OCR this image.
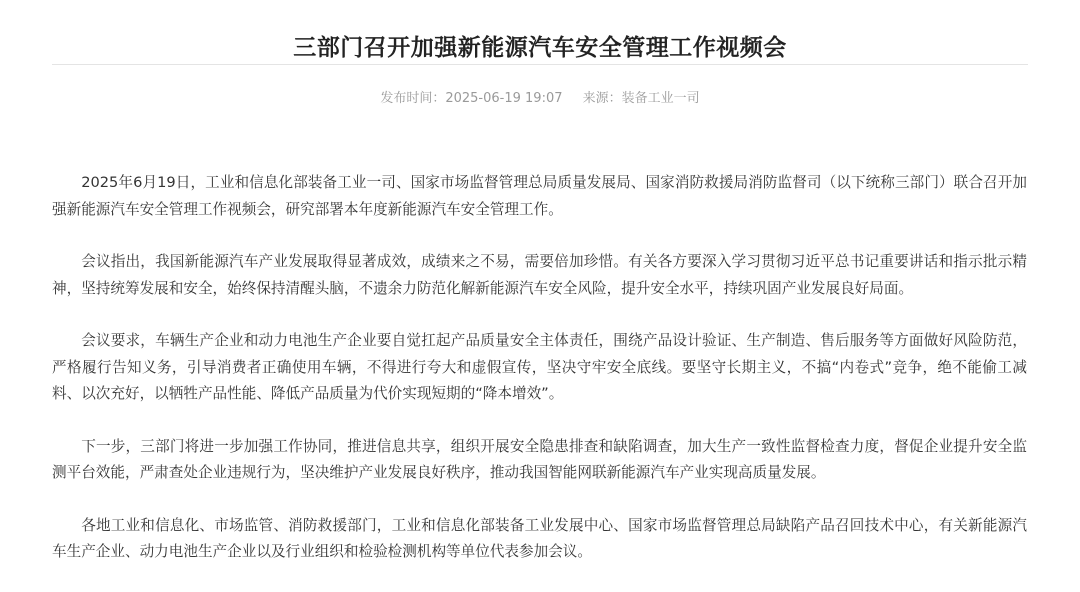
三部门召开加强新能源汽车安全管理工作视频会
发布时间：2025-06-19 19:07 来源：装备工业一司

2025年6月19日，工业和信息化部装备工业一司、国家市场监督管理总局质量发展局、国家消防救援局消防监督司（以下统称三部门）联合召开加强新能源汽车安全管理工作视频会，研究部署本年度新能源汽车安全管理工作。

会议指出，我国新能源汽车产业发展取得显著成效，成绩来之不易，需要倍加珍惜。有关各方要深入学习贯彻习近平总书记重要讲话和指示批示精神，坚持统筹发展和安全，始终保持清醒头脑，不遗余力防范化解新能源汽车安全风险，提升安全水平，持续巩固产业发展良好局面。

会议要求，车辆生产企业和动力电池生产企业要自觉扛起产品质量安全主体责任，围绕产品设计验证、生产制造、售后服务等方面做好风险防范，严格履行告知义务，引导消费者正确使用车辆，不得进行夸大和虚假宣传，坚决守牢安全底线。要坚守长期主义，不搞“内卷式”竞争，绝不能偷工减料、以次充好，以牺牲产品性能、降低产品质量为代价实现短期的“降本增效”。

下一步，三部门将进一步加强工作协同，推进信息共享，组织开展安全隐患排查和缺陷调查，加大生产一致性监督检查力度，督促企业提升安全监测平台效能，严肃查处企业违规行为，坚决维护产业发展良好秩序，推动我国智能网联新能源汽车产业实现高质量发展。

各地工业和信息化、市场监管、消防救援部门，工业和信息化部装备工业发展中心、国家市场监督管理总局缺陷产品召回技术中心，有关新能源汽车生产企业、动力电池生产企业以及行业组织和检验检测机构等单位代表参加会议。
